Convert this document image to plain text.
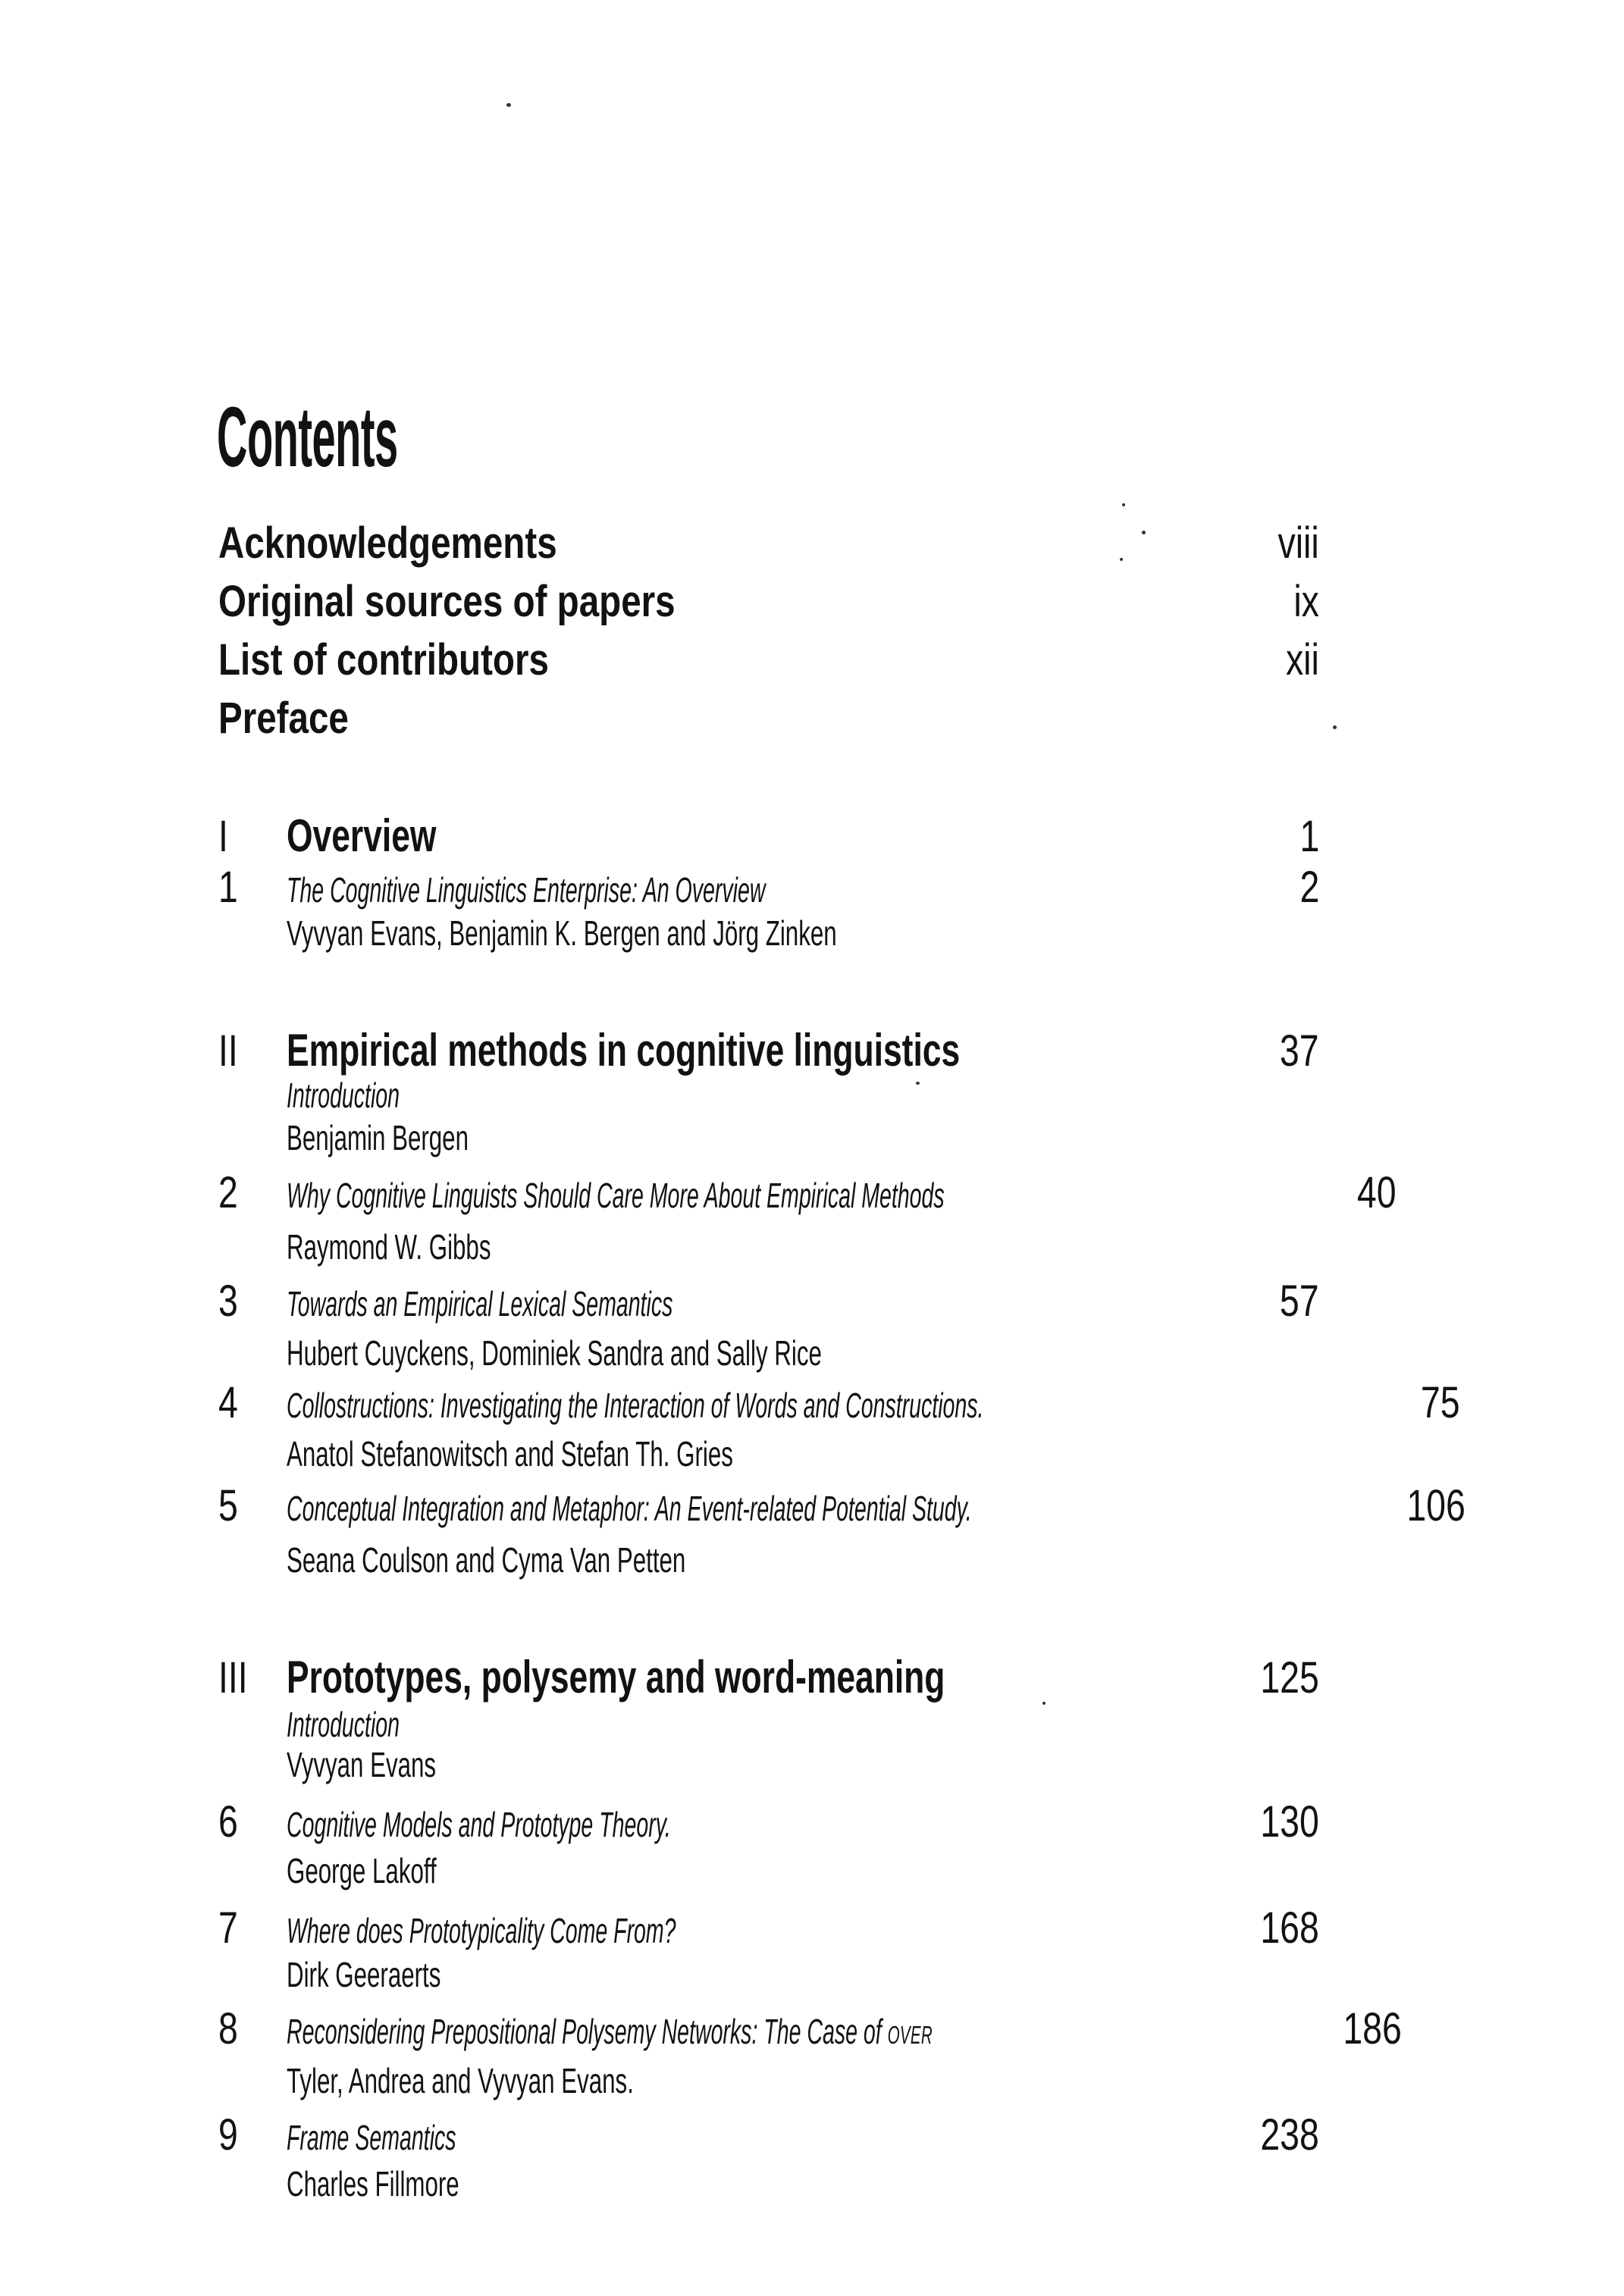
Contents
Acknowledgements	viii
Original sources of papers	ix
List of contributors	xii
Preface
I	Overview	1
1	The Cognitive Linguistics Enterprise: An Overview	2
Vyvyan Evans, Benjamin K. Bergen and Jörg Zinken
II	Empirical methods in cognitive linguistics	37
Introduction
Benjamin Bergen
2	Why Cognitive Linguists Should Care More About Empirical Methods	40
Raymond W. Gibbs
3	Towards an Empirical Lexical Semantics	57
Hubert Cuyckens, Dominiek Sandra and Sally Rice
4	Collostructions: Investigating the Interaction of Words and Constructions.	75
Anatol Stefanowitsch and Stefan Th. Gries
5	Conceptual Integration and Metaphor: An Event-related Potential Study.	106
Seana Coulson and Cyma Van Petten
III Prototypes, polysemy and word-meaning	125
Introduction
Vyvyan Evans
6	Cognitive Models and Prototype Theory.	130
George Lakoff
7	Where does Prototypicality Come From?	168
Dirk Geeraerts
8	Reconsidering Prepositional Polysemy Networks: The Case of OVER	186
Tyler, Andrea and Vyvyan Evans.
9	Frame Semantics	238
Charles Fillmore
